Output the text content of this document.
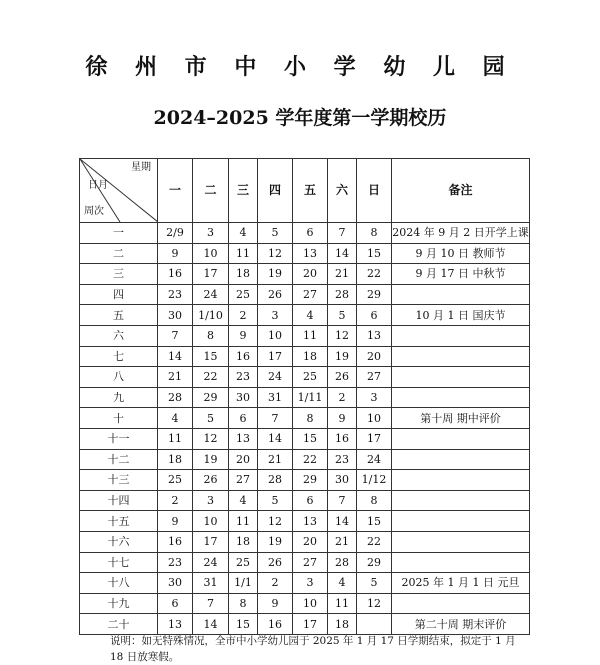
徐 州 市 中 小 学 幼 儿 园
2024–2025 学年度第一学期校历
星期
日月
周次	一	二	三	四	五	六	日	备注
一	2/9	3	4	5	6	7	8	2024 年 9 月 2 日开学上课
二	9	10	11	12	13	14	15	9 月 10 日 教师节
三	16	17	18	19	20	21	22	9 月 17 日 中秋节
四	23	24	25	26	27	28	29	
五	30	1/10	2	3	4	5	6	10 月 1 日 国庆节
六	7	8	9	10	11	12	13	
七	14	15	16	17	18	19	20	
八	21	22	23	24	25	26	27	
九	28	29	30	31	1/11	2	3	
十	4	5	6	7	8	9	10	第十周 期中评价
十一	11	12	13	14	15	16	17	
十二	18	19	20	21	22	23	24	
十三	25	26	27	28	29	30	1/12	
十四	2	3	4	5	6	7	8	
十五	9	10	11	12	13	14	15	
十六	16	17	18	19	20	21	22	
十七	23	24	25	26	27	28	29	
十八	30	31	1/1	2	3	4	5	2025 年 1 月 1 日 元旦
十九	6	7	8	9	10	11	12	
二十	13	14	15	16	17	18		第二十周 期末评价
说明：如无特殊情况，全市中小学幼儿园于 2025 年 1 月 17 日学期结束，拟定于 1 月 18 日放寒假。
